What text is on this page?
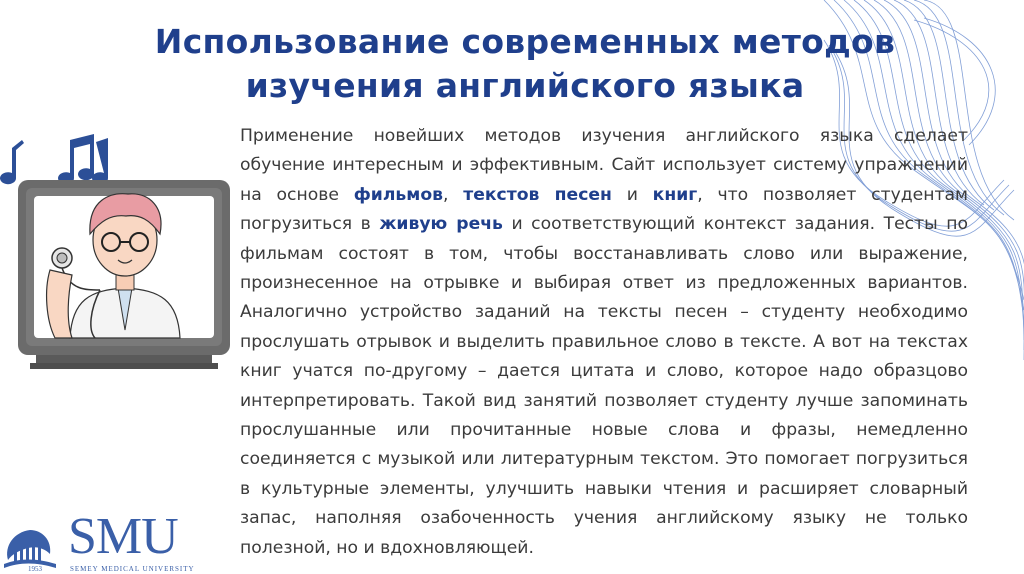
Использование современных методов изучения английского языка
Применение новейших методов изучения английского языка сделает обучение интересным и эффективным. Сайт использует систему упражнений на основе фильмов, текстов песен и книг, что позволяет студентам погрузиться в живую речь и соответствующий контекст задания. Тесты по фильмам состоят в том, чтобы восстанавливать слово или выражение, произнесенное на отрывке и выбирая ответ из предложенных вариантов. Аналогично устройство заданий на тексты песен – студенту необходимо прослушать отрывок и выделить правильное слово в тексте. А вот на текстах книг учатся по-другому – дается цитата и слово, которое надо образцово интерпретировать. Такой вид занятий позволяет студенту лучше запоминать прослушанные или прочитанные новые слова и фразы, немедленно соединяется с музыкой или литературным текстом. Это помогает погрузиться в культурные элементы, улучшить навыки чтения и расширяет словарный запас, наполняя озабоченность учения английскому языку не только полезной, но и вдохновляющей.
SMU
1953	SEMEY MEDICAL UNIVERSITY
